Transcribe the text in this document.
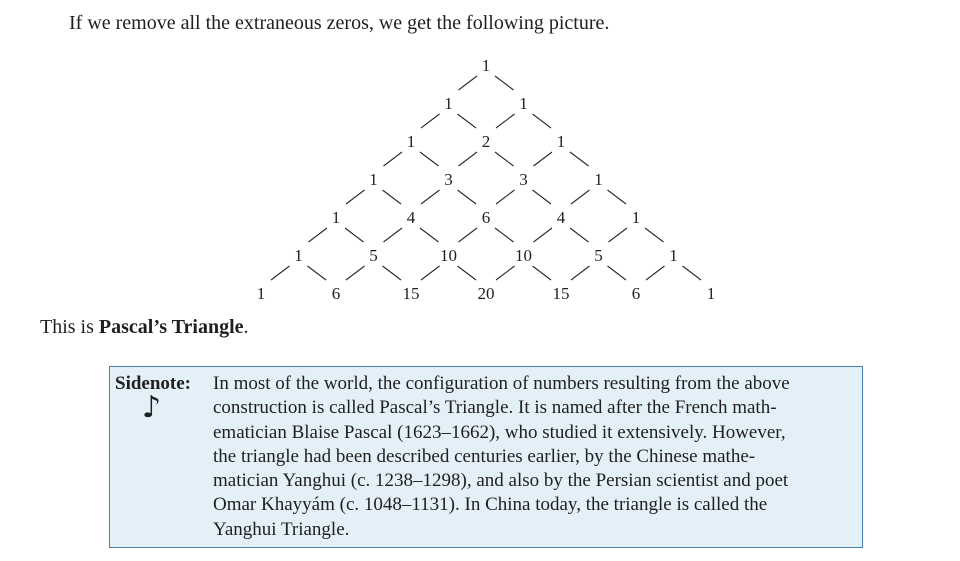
If we remove all the extraneous zeros, we get the following picture.
1
1	1
1	2	1
1	3	3	1
1	4	6	4	1
1	5	10	10	5	1
1	6	15	20	15	6	1
This is Pascal’s Triangle.
Sidenote:
♪
In most of the world, the configuration of numbers resulting from the above
construction is called Pascal’s Triangle. It is named after the French math-
ematician Blaise Pascal (1623–1662), who studied it extensively. However,
the triangle had been described centuries earlier, by the Chinese mathe-
matician Yanghui (c. 1238–1298), and also by the Persian scientist and poet
Omar Khayyám (c. 1048–1131). In China today, the triangle is called the
Yanghui Triangle.
